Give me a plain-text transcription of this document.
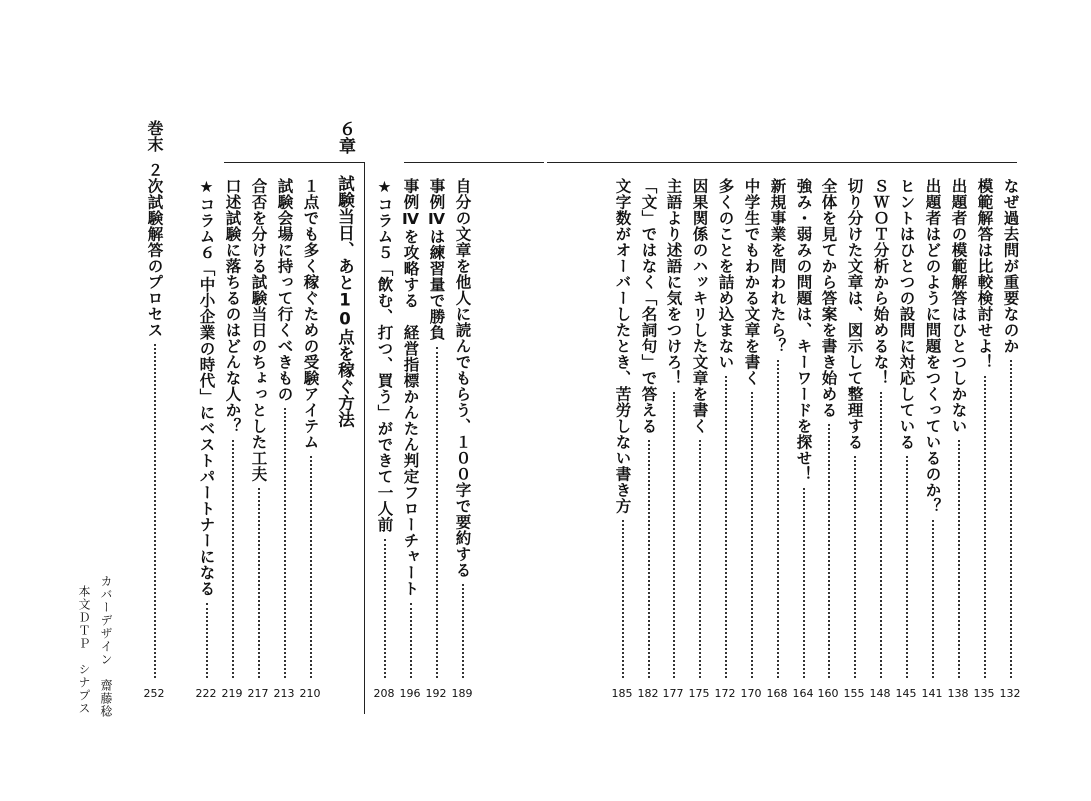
なぜ過去問が重要なのか
132
模範解答は比較検討せよ！
135
出題者の模範解答はひとつしかない
138
出題者はどのように問題をつくっているのか？
141
ヒントはひとつの設問に対応している
145
ＳＷＯＴ分析から始めるな！
148
切り分けた文章は、図示して整理する
155
全体を見てから答案を書き始める
160
強み・弱みの問題は、キーワードを探せ！
164
新規事業を問われたら？
168
中学生でもわかる文章を書く
170
多くのことを詰め込まない
172
因果関係のハッキリした文章を書く
175
主語より述語に気をつけろ！
177
「文」ではなく「名詞句」で答える
182
文字数がオーバーしたとき、苦労しない書き方
185
自分の文章を他人に読んでもらう、１００字で要約する
189
事例Ⅳは練習量で勝負
192
事例Ⅳを攻略する　経営指標かんたん判定フローチャート
196
★コラム５「飲む、打つ、買う」ができて一人前
208
６章
試験当日、あと10点を稼ぐ方法
１点でも多く稼ぐための受験アイテム
210
試験会場に持って行くべきもの
213
合否を分ける試験当日のちょっとした工夫
217
口述試験に落ちるのはどんな人か？
219
★コラム６「中小企業の時代」にベストパートナーになる
222
巻末
２次試験解答のプロセス
252
カバーデザイン　齋藤稔
本文ＤＴＰ　シナプス
